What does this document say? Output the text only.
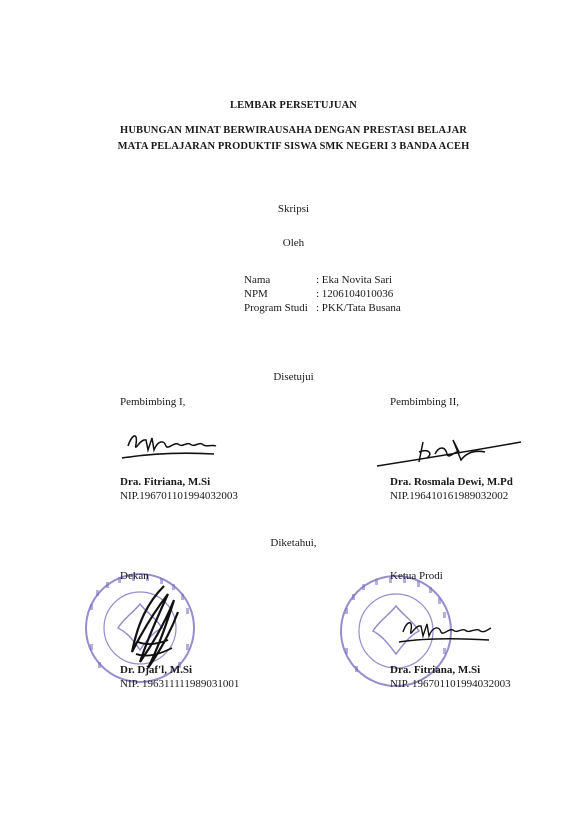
LEMBAR PERSETUJUAN
HUBUNGAN MINAT BERWIRAUSAHA DENGAN PRESTASI BELAJAR
MATA PELAJARAN PRODUKTIF SISWA SMK NEGERI 3 BANDA ACEH
Skripsi
Oleh
Nama	: Eka Novita Sari
NPM	: 1206104010036
Program Studi : PKK/Tata Busana
Disetujui
Pembimbing I,	Pembimbing II,
Dra. Fitriana, M.Si
NIP.196701101994032003
Dra. Rosmala Dewi, M.Pd
NIP.196410161989032002
Diketahui,
Dekan	Ketua Prodi
Dr. Djaf'l, M.Si
NIP. 196311111989031001
Dra. Fitriana, M.Si
NIP. 196701101994032003
